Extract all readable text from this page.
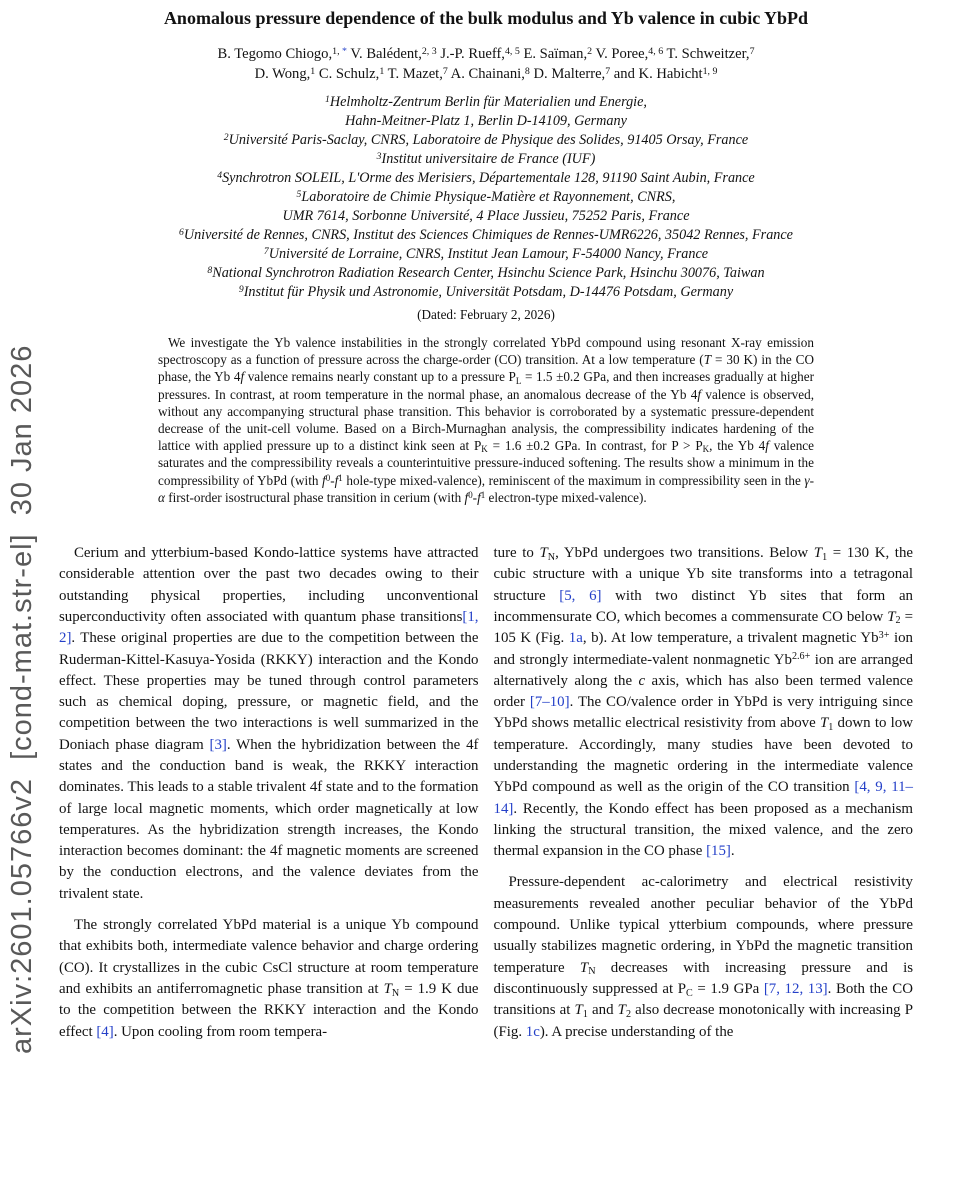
arXiv:2601.05766v2  [cond-mat.str-el]  30 Jan 2026
Anomalous pressure dependence of the bulk modulus and Yb valence in cubic YbPd
B. Tegomo Chiogo,$^{1,}$ * V. Balédent,$^{2, 3}$ J.-P. Rueff,$^{4, 5}$ E. Saïman,$^2$ V. Poree,$^{4, 6}$ T. Schweitzer,$^7$
D. Wong,$^1$ C. Schulz,$^1$ T. Mazet,$^7$ A. Chainani,$^8$ D. Malterre,$^7$ and K. Habicht$^{1, 9}$
$^1$Helmholtz-Zentrum Berlin für Materialien und Energie,
Hahn-Meitner-Platz 1, Berlin D-14109, Germany
$^2$Université Paris-Saclay, CNRS, Laboratoire de Physique des Solides, 91405 Orsay, France
$^3$Institut universitaire de France (IUF)
$^4$Synchrotron SOLEIL, L'Orme des Merisiers, Départementale 128, 91190 Saint Aubin, France
$^5$Laboratoire de Chimie Physique-Matière et Rayonnement, CNRS,
UMR 7614, Sorbonne Université, 4 Place Jussieu, 75252 Paris, France
$^6$Université de Rennes, CNRS, Institut des Sciences Chimiques de Rennes-UMR6226, 35042 Rennes, France
$^7$Université de Lorraine, CNRS, Institut Jean Lamour, F-54000 Nancy, France
$^8$National Synchrotron Radiation Research Center, Hsinchu Science Park, Hsinchu 30076, Taiwan
$^9$Institut für Physik und Astronomie, Universität Potsdam, D-14476 Potsdam, Germany
(Dated: February 2, 2026)
We investigate the Yb valence instabilities in the strongly correlated YbPd compound using resonant X-ray emission spectroscopy as a function of pressure across the charge-order (CO) transition. At a low temperature (T = 30 K) in the CO phase, the Yb 4f valence remains nearly constant up to a pressure $P_L = 1.5 \pm 0.2$ GPa, and then increases gradually at higher pressures. In contrast, at room temperature in the normal phase, an anomalous decrease of the Yb 4f valence is observed, without any accompanying structural phase transition. This behavior is corroborated by a systematic pressure-dependent decrease of the unit-cell volume. Based on a Birch-Murnaghan analysis, the compressibility indicates hardening of the lattice with applied pressure up to a distinct kink seen at $P_K = 1.6 \pm 0.2$ GPa. In contrast, for $P > P_K$, the Yb 4f valence saturates and the compressibility reveals a counterintuitive pressure-induced softening. The results show a minimum in the compressibility of YbPd (with $f^0-f^1$ hole-type mixed-valence), reminiscent of the maximum in compressibility seen in the γ-α first-order isostructural phase transition in cerium (with $f^0-f^1$ electron-type mixed-valence).

Cerium and ytterbium-based Kondo-lattice systems have attracted considerable attention over the past two decades owing to their outstanding physical properties, including unconventional superconductivity often associated with quantum phase transitions[1, 2]. These original properties are due to the competition between the Ruderman-Kittel-Kasuya-Yosida (RKKY) interaction and the Kondo effect. These properties may be tuned through control parameters such as chemical doping, pressure, or magnetic field, and the competition between the two interactions is well summarized in the Doniach phase diagram [3]. When the hybridization between the 4f states and the conduction band is weak, the RKKY interaction dominates. This leads to a stable trivalent 4f state and to the formation of large local magnetic moments, which order magnetically at low temperatures. As the hybridization strength increases, the Kondo interaction becomes dominant: the 4f magnetic moments are screened by the conduction electrons, and the valence deviates from the trivalent state.

The strongly correlated YbPd material is a unique Yb compound that exhibits both, intermediate valence behavior and charge ordering (CO). It crystallizes in the cubic CsCl structure at room temperature and exhibits an antiferromagnetic phase transition at $T_N = 1.9$ K due to the competition between the RKKY interaction and the Kondo effect [4]. Upon cooling from room tempera-

ture to $T_N$, YbPd undergoes two transitions. Below $T_1 = 130$ K, the cubic structure with a unique Yb site transforms into a tetragonal structure [5, 6] with two distinct Yb sites that form an incommensurate CO, which becomes a commensurate CO below $T_2 = 105$ K (Fig. 1a, b). At low temperature, a trivalent magnetic $Yb^{3+}$ ion and strongly intermediate-valent nonmagnetic $Yb^{2.6+}$ ion are arranged alternatively along the c axis, which has also been termed valence order [7–10]. The CO/valence order in YbPd is very intriguing since YbPd shows metallic electrical resistivity from above $T_1$ down to low temperature. Accordingly, many studies have been devoted to understanding the magnetic ordering in the intermediate valence YbPd compound as well as the origin of the CO transition [4, 9, 11–14]. Recently, the Kondo effect has been proposed as a mechanism linking the structural transition, the mixed valence, and the zero thermal expansion in the CO phase [15].

Pressure-dependent ac-calorimetry and electrical resistivity measurements revealed another peculiar behavior of the YbPd compound. Unlike typical ytterbium compounds, where pressure usually stabilizes magnetic ordering, in YbPd the magnetic transition temperature $T_N$ decreases with increasing pressure and is discontinuously suppressed at $P_C = 1.9$ GPa [7, 12, 13]. Both the CO transitions at $T_1$ and $T_2$ also decrease monotonically with increasing P (Fig. 1c). A precise understanding of the
